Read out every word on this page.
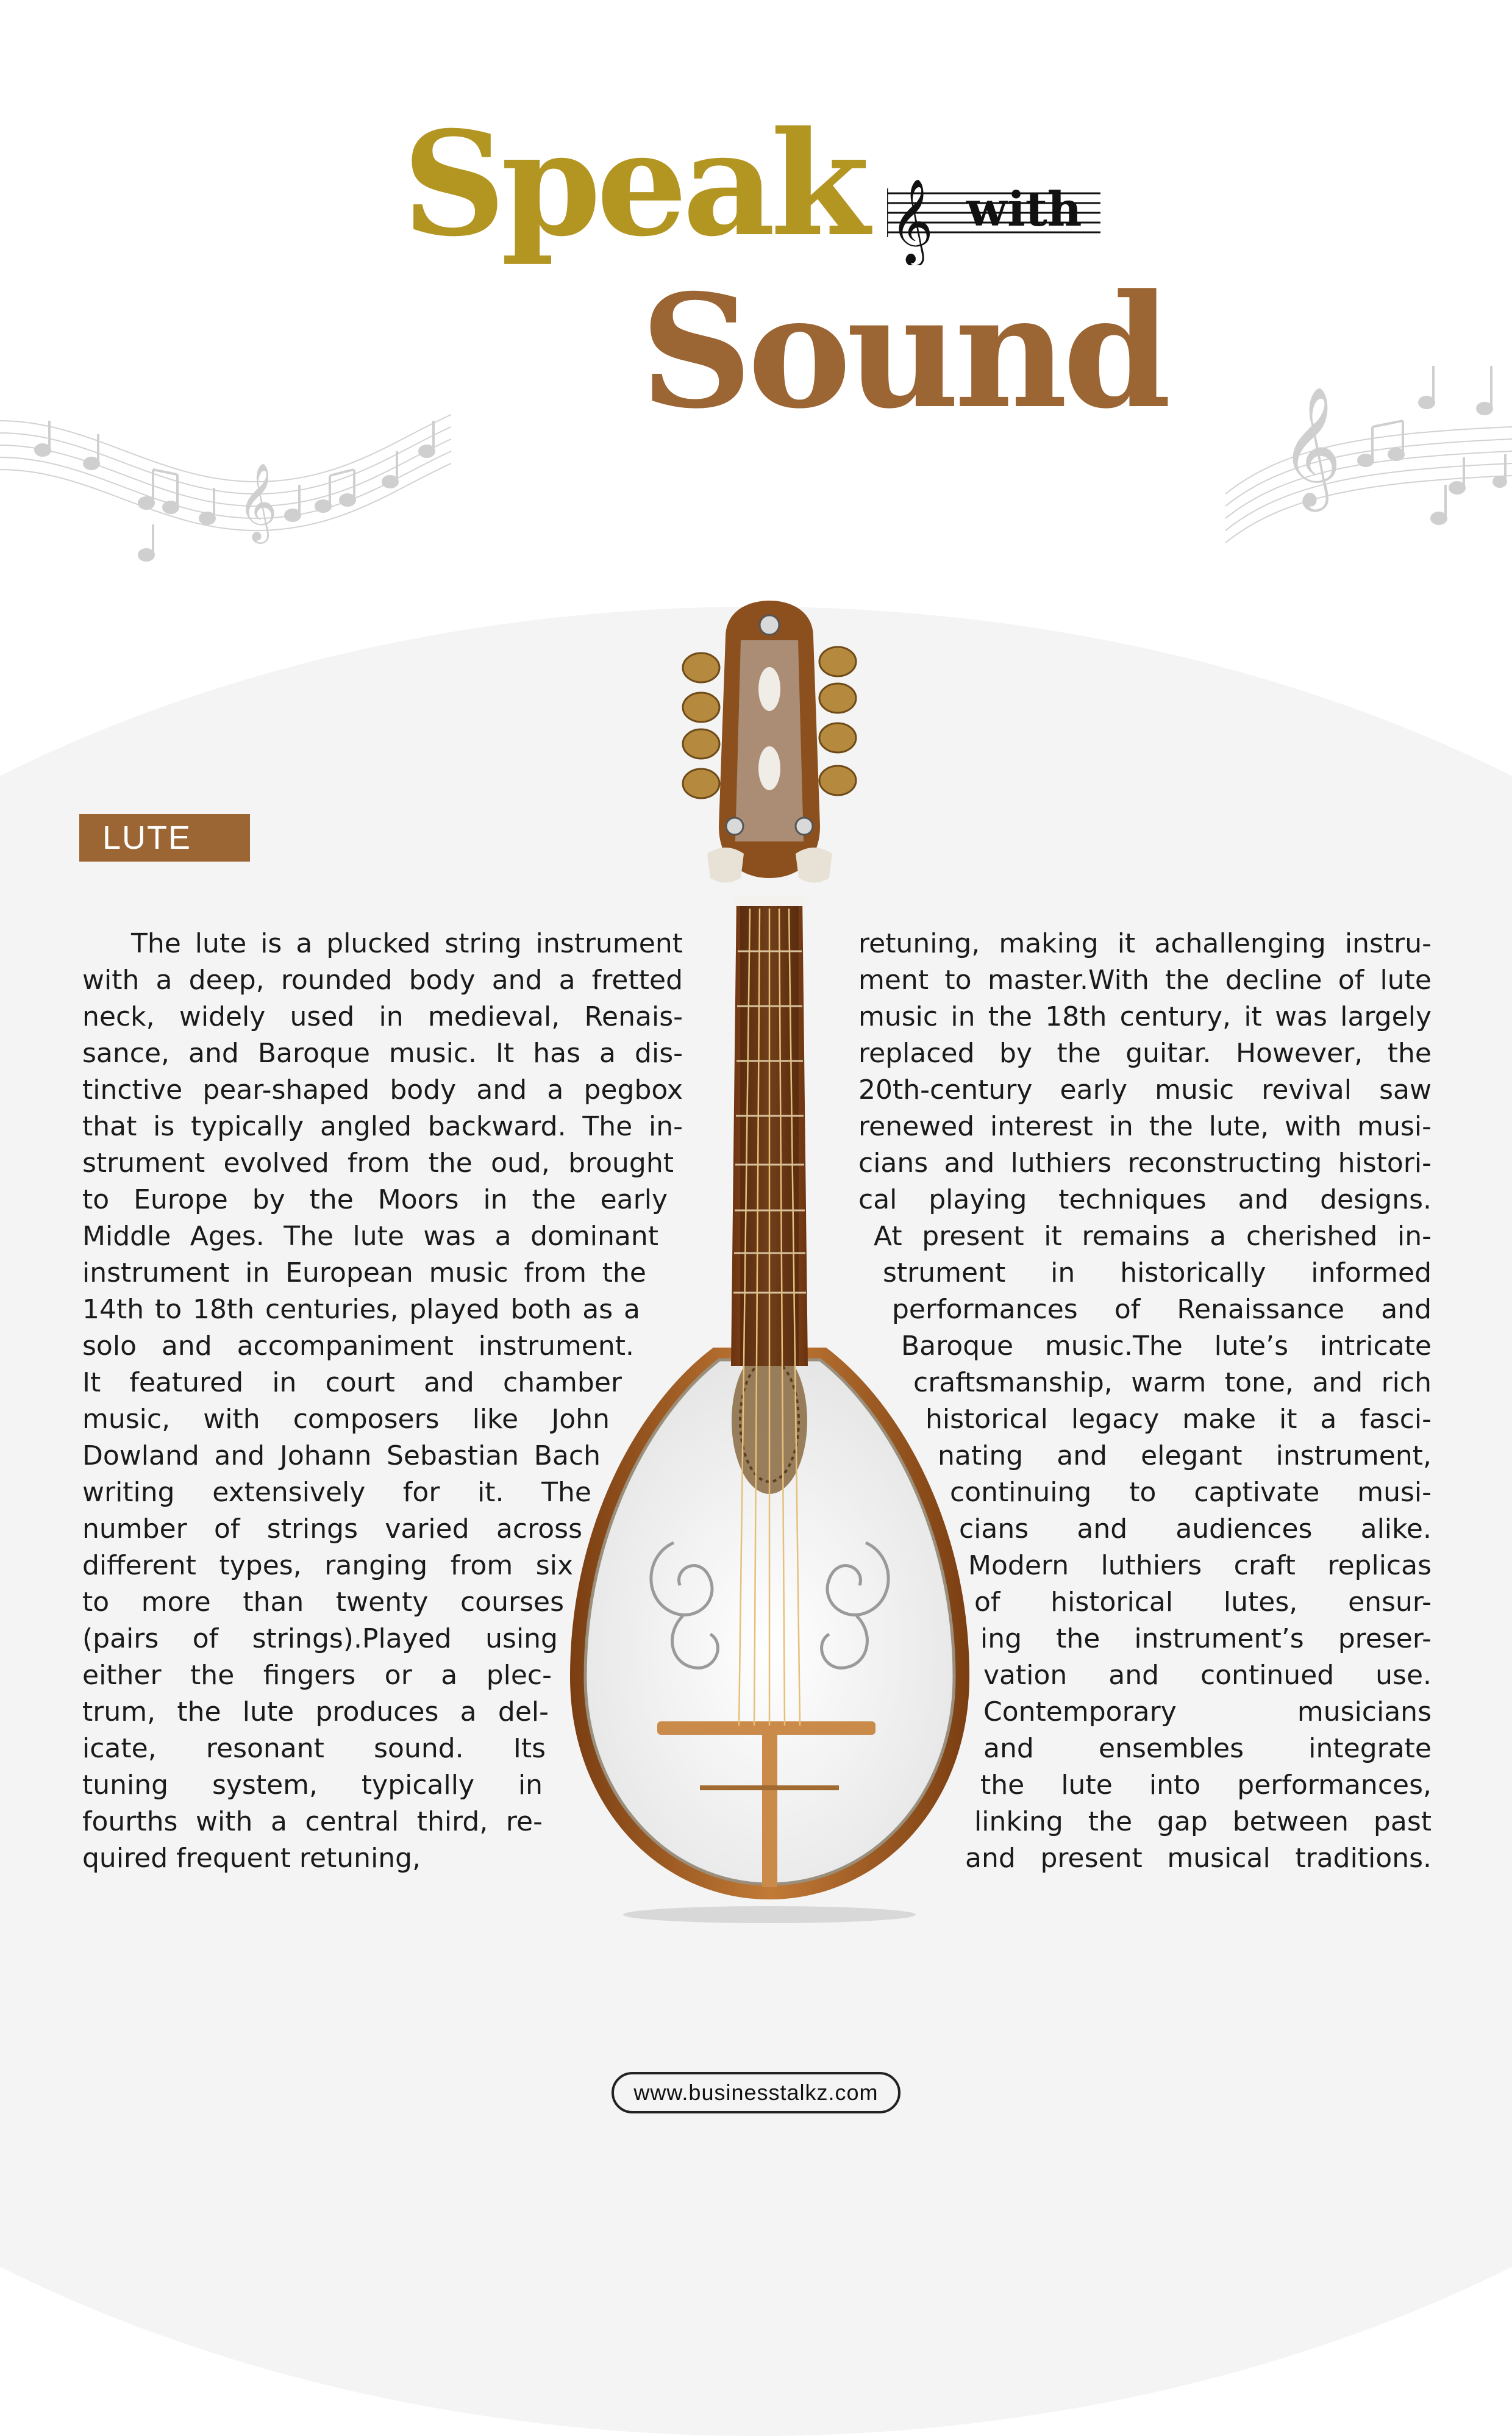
𝄞	𝄞
Speak 𝄞 with
Sound
LUTE

The lute is a plucked string instrument

with a deep, rounded body and a fretted

neck, widely used in medieval, Renais-

sance, and Baroque music. It has a dis-

tinctive pear-shaped body and a pegbox

that is typically angled backward. The in-

strument evolved from the oud, brought

to Europe by the Moors in the early

Middle Ages. The lute was a dominant

instrument in European music from the

14th to 18th centuries, played both as a

solo and accompaniment instrument.

It featured in court and chamber

music, with composers like John

Dowland and Johann Sebastian Bach

writing extensively for it. The

number of strings varied across

different types, ranging from six

to more than twenty courses

(pairs of strings).Played using

either the fingers or a plec-

trum, the lute produces a del-

icate, resonant sound. Its

tuning system, typically in

fourths with a central third, re-

quired frequent retuning,

retuning, making it achallenging instru-

ment to master.With the decline of lute

music in the 18th century, it was largely

replaced by the guitar. However, the

20th-century early music revival saw

renewed interest in the lute, with musi-

cians and luthiers reconstructing histori-

cal playing techniques and designs.

At present it remains a cherished in-

strument in historically informed

performances of Renaissance and

Baroque music.The lute’s intricate

craftsmanship, warm tone, and rich

historical legacy make it a fasci-

nating and elegant instrument,

continuing to captivate musi-

cians and audiences alike.

Modern luthiers craft replicas

of historical lutes, ensur-

ing the instrument’s preser-

vation and continued use.

Contemporary musicians

and ensembles integrate

the lute into performances,

linking the gap between past

and present musical traditions.

www.businesstalkz.com
